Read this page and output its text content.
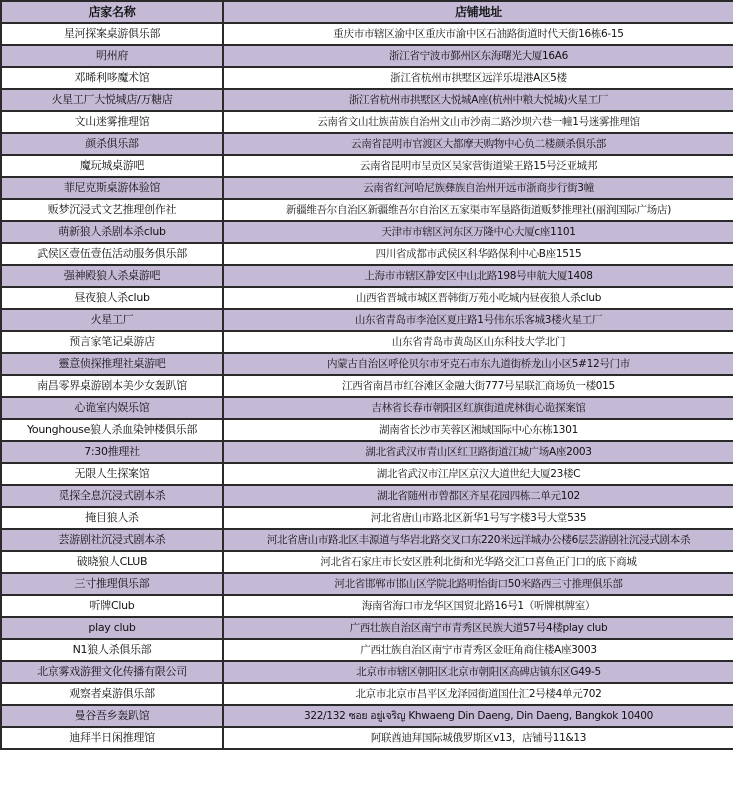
店家名称	店铺地址
星河探案桌游俱乐部	重庆市市辖区渝中区重庆市渝中区石油路街道时代天街16栋6-15
明州府	浙江省宁波市鄞州区东海曙光大厦16A6
邓晞利哆魔术馆	浙江省杭州市拱墅区远洋乐堤港A区5楼
火星工厂大悦城店/万糖店	浙江省杭州市拱墅区大悦城A座(杭州中粮大悦城)火星工厂
文山迷雾推理馆	云南省文山壮族苗族自治州文山市沙南二路沙坝六巷一幢1号迷雾推理馆
颜杀俱乐部	云南省昆明市官渡区大都摩天购物中心负二楼颜杀俱乐部
魔玩城桌游吧	云南省昆明市呈贡区吴家营街道梁王路15号泛亚城邦
菲尼克斯桌游体验馆	云南省红河哈尼族彝族自治州开远市浙商步行街3幢
贩梦沉浸式文艺推理创作社	新疆维吾尔自治区新疆维吾尔自治区五家渠市军垦路街道贩梦推理社(丽润国际广场店)
萌新狼人杀剧本杀club	天津市市辖区河东区万隆中心大厦c座1101
武侯区壹伍壹伍活动服务俱乐部	四川省成都市武侯区科华路保利中心B座1515
强神殿狼人杀桌游吧	上海市市辖区静安区中山北路198号申航大厦1408
昼夜狼人杀club	山西省晋城市城区晋韩街万苑小吃城内昼夜狼人杀club
火星工厂	山东省青岛市李沧区夏庄路1号伟东乐客城3楼火星工厂
预言家笔记桌游店	山东省青岛市黄岛区山东科技大学北门
靈意侦探推理社桌游吧	内蒙古自治区呼伦贝尔市牙克石市东九道街桥龙山小区5#12号门市
南昌零界桌游剧本美少女轰趴馆	江西省南昌市红谷滩区金融大街777号星联汇商场负一楼015
心诡室内娱乐馆	吉林省长春市朝阳区红旗街道虎林街心诡探案馆
Younghouse狼人杀血染钟楼俱乐部	湖南省长沙市芙蓉区湘域国际中心东栋1301
7:30推理社	湖北省武汉市青山区红卫路街道江城广场A座2003
无限人生探案馆	湖北省武汉市江岸区京汉大道世纪大厦23楼C
觅探全息沉浸式剧本杀	湖北省随州市曾都区齐星花园四栋二单元102
掩目狼人杀	河北省唐山市路北区新华1号写字楼3号大堂535
芸游剧社沉浸式剧本杀	河北省唐山市路北区丰源道与华岩北路交叉口东220米远洋城办公楼6层芸游剧社沉浸式剧本杀
破晓狼人CLUB	河北省石家庄市长安区胜利北街和光华路交汇口喜鱼正门口的底下商城
三寸推理俱乐部	河北省邯郸市邯山区学院北路明怡街口50米路西三寸推理俱乐部
听牌Club	海南省海口市龙华区国贸北路16号1（听牌棋牌室）
play club	广西壮族自治区南宁市青秀区民族大道57号4楼play club
N1狼人杀俱乐部	广西壮族自治区南宁市青秀区金旺角商住楼A座3003
北京雾戏游狸文化传播有限公司	北京市市辖区朝阳区北京市朝阳区高碑店镇东区G49-5
观察者桌游俱乐部	北京市北京市昌平区龙泽园街道国仕汇2号楼4单元702
曼谷吾乡轰趴馆	322/132 ซอย อยู่เจริญ Khwaeng Din Daeng, Din Daeng, Bangkok 10400
迪拜半日闲推理馆	阿联酋迪拜国际城俄罗斯区v13，店铺号11&13
